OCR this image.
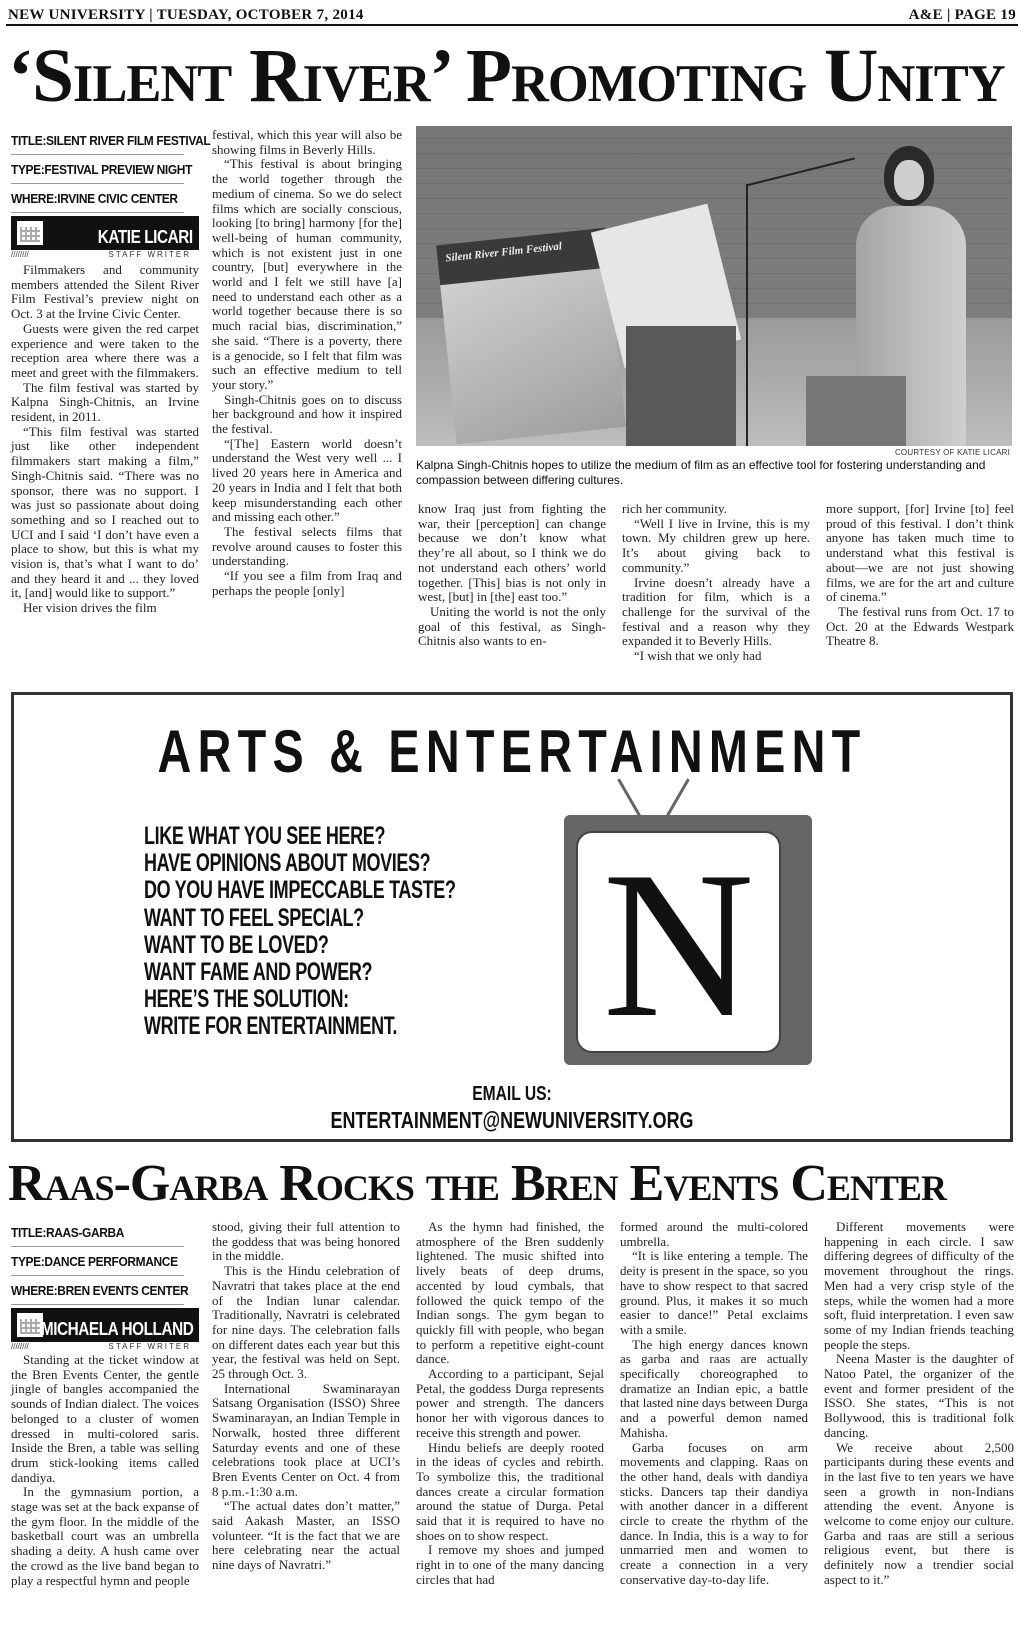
NEW UNIVERSITY | TUESDAY, OCTOBER 7, 2014	A&E | PAGE 19
‘Silent River’ Promoting Unity
TITLE:SILENT RIVER FILM FESTIVAL
TYPE:FESTIVAL PREVIEW NIGHT
WHERE:IRVINE CIVIC CENTER
KATIE LICARI
////////	STAFF WRITER

Filmmakers and community members attended the Silent River Film Festival’s preview night on Oct. 3 at the Irvine Civic Center.

Guests were given the red carpet experience and were taken to the reception area where there was a meet and greet with the filmmakers.

The film festival was started by Kalpna Singh-Chitnis, an Irvine resident, in 2011.

“This film festival was started just like other independent filmmakers start making a film,” Singh-Chitnis said. “There was no sponsor, there was no support. I was just so passionate about doing something and so I reached out to UCI and I said ‘I don’t have even a place to show, but this is what my vision is, that’s what I want to do’ and they heard it and ... they loved it, [and] would like to support.”

Her vision drives the film

festival, which this year will also be showing films in Beverly Hills.

“This festival is about bringing the world together through the medium of cinema. So we do select films which are socially conscious, looking [to bring] harmony [for the] well-being of human community, which is not existent just in one country, [but] everywhere in the world and I felt we still have [a] need to understand each other as a world together because there is so much racial bias, discrimination,” she said. “There is a poverty, there is a genocide, so I felt that film was such an effective medium to tell your story.”

Singh-Chitnis goes on to discuss her background and how it inspired the festival.

“[The] Eastern world doesn’t understand the West very well ... I lived 20 years here in America and 20 years in India and I felt that both keep misunderstanding each other and missing each other.”

The festival selects films that revolve around causes to foster this understanding.

“If you see a film from Iraq and perhaps the people [only]

Silent River Film Festival
COURTESY OF KATIE LICARI
Kalpna Singh-Chitnis hopes to utilize the medium of film as an effective tool for fostering understanding and compassion between differing cultures.

know Iraq just from fighting the war, their [perception] can change because we don’t know what they’re all about, so I think we do not understand each others’ world together. [This] bias is not only in west, [but] in [the] east too.”

Uniting the world is not the only goal of this festival, as Singh-Chitnis also wants to en-

rich her community.

“Well I live in Irvine, this is my town. My children grew up here. It’s about giving back to community.”

Irvine doesn’t already have a tradition for film, which is a challenge for the survival of the festival and a reason why they expanded it to Beverly Hills.

“I wish that we only had

more support, [for] Irvine [to] feel proud of this festival. I don’t think anyone has taken much time to understand what this festival is about—we are not just showing films, we are for the art and culture of cinema.”

The festival runs from Oct. 17 to Oct. 20 at the Edwards Westpark Theatre 8.

ARTS & ENTERTAINMENT
LIKE WHAT YOU SEE HERE?
HAVE OPINIONS ABOUT MOVIES?
DO YOU HAVE IMPECCABLE TASTE?
WANT TO FEEL SPECIAL?
WANT TO BE LOVED?
WANT FAME AND POWER?
HERE’S THE SOLUTION:
WRITE FOR ENTERTAINMENT. N
EMAIL US:
ENTERTAINMENT@NEWUNIVERSITY.ORG
Raas-Garba Rocks the Bren Events Center
TITLE:RAAS-GARBA
TYPE:DANCE PERFORMANCE
WHERE:BREN EVENTS CENTER
MICHAELA HOLLAND
////////	STAFF WRITER

Standing at the ticket window at the Bren Events Center, the gentle jingle of bangles accompanied the sounds of Indian dialect. The voices belonged to a cluster of women dressed in multi-colored saris. Inside the Bren, a table was selling drum stick-looking items called dandiya.

In the gymnasium portion, a stage was set at the back expanse of the gym floor. In the middle of the basketball court was an umbrella shading a deity. A hush came over the crowd as the live band began to play a respectful hymn and people

stood, giving their full attention to the goddess that was being honored in the middle.

This is the Hindu celebration of Navratri that takes place at the end of the Indian lunar calendar. Traditionally, Navratri is celebrated for nine days. The celebration falls on different dates each year but this year, the festival was held on Sept. 25 through Oct. 3.

International Swaminarayan Satsang Organisation (ISSO) Shree Swaminarayan, an Indian Temple in Norwalk, hosted three different Saturday events and one of these celebrations took place at UCI’s Bren Events Center on Oct. 4 from 8 p.m.-1:30 a.m.

“The actual dates don’t matter,” said Aakash Master, an ISSO volunteer. “It is the fact that we are here celebrating near the actual nine days of Navratri.”

As the hymn had finished, the atmosphere of the Bren suddenly lightened. The music shifted into lively beats of deep drums, accented by loud cymbals, that followed the quick tempo of the Indian songs. The gym began to quickly fill with people, who began to perform a repetitive eight-count dance.

According to a participant, Sejal Petal, the goddess Durga represents power and strength. The dancers honor her with vigorous dances to receive this strength and power.

Hindu beliefs are deeply rooted in the ideas of cycles and rebirth. To symbolize this, the traditional dances create a circular formation around the statue of Durga. Petal said that it is required to have no shoes on to show respect.

I remove my shoes and jumped right in to one of the many dancing circles that had

formed around the multi-colored umbrella.

“It is like entering a temple. The deity is present in the space, so you have to show respect to that sacred ground. Plus, it makes it so much easier to dance!” Petal exclaims with a smile.

The high energy dances known as garba and raas are actually specifically choreographed to dramatize an Indian epic, a battle that lasted nine days between Durga and a powerful demon named Mahisha.

Garba focuses on arm movements and clapping. Raas on the other hand, deals with dandiya sticks. Dancers tap their dandiya with another dancer in a different circle to create the rhythm of the dance. In India, this is a way to for unmarried men and women to create a connection in a very conservative day-to-day life.

Different movements were happening in each circle. I saw differing degrees of difficulty of the movement throughout the rings. Men had a very crisp style of the steps, while the women had a more soft, fluid interpretation. I even saw some of my Indian friends teaching people the steps.

Neena Master is the daughter of Natoo Patel, the organizer of the event and former president of the ISSO. She states, “This is not Bollywood, this is traditional folk dancing.

We receive about 2,500 participants during these events and in the last five to ten years we have seen a growth in non-Indians attending the event. Anyone is welcome to come enjoy our culture. Garba and raas are still a serious religious event, but there is definitely now a trendier social aspect to it.”
